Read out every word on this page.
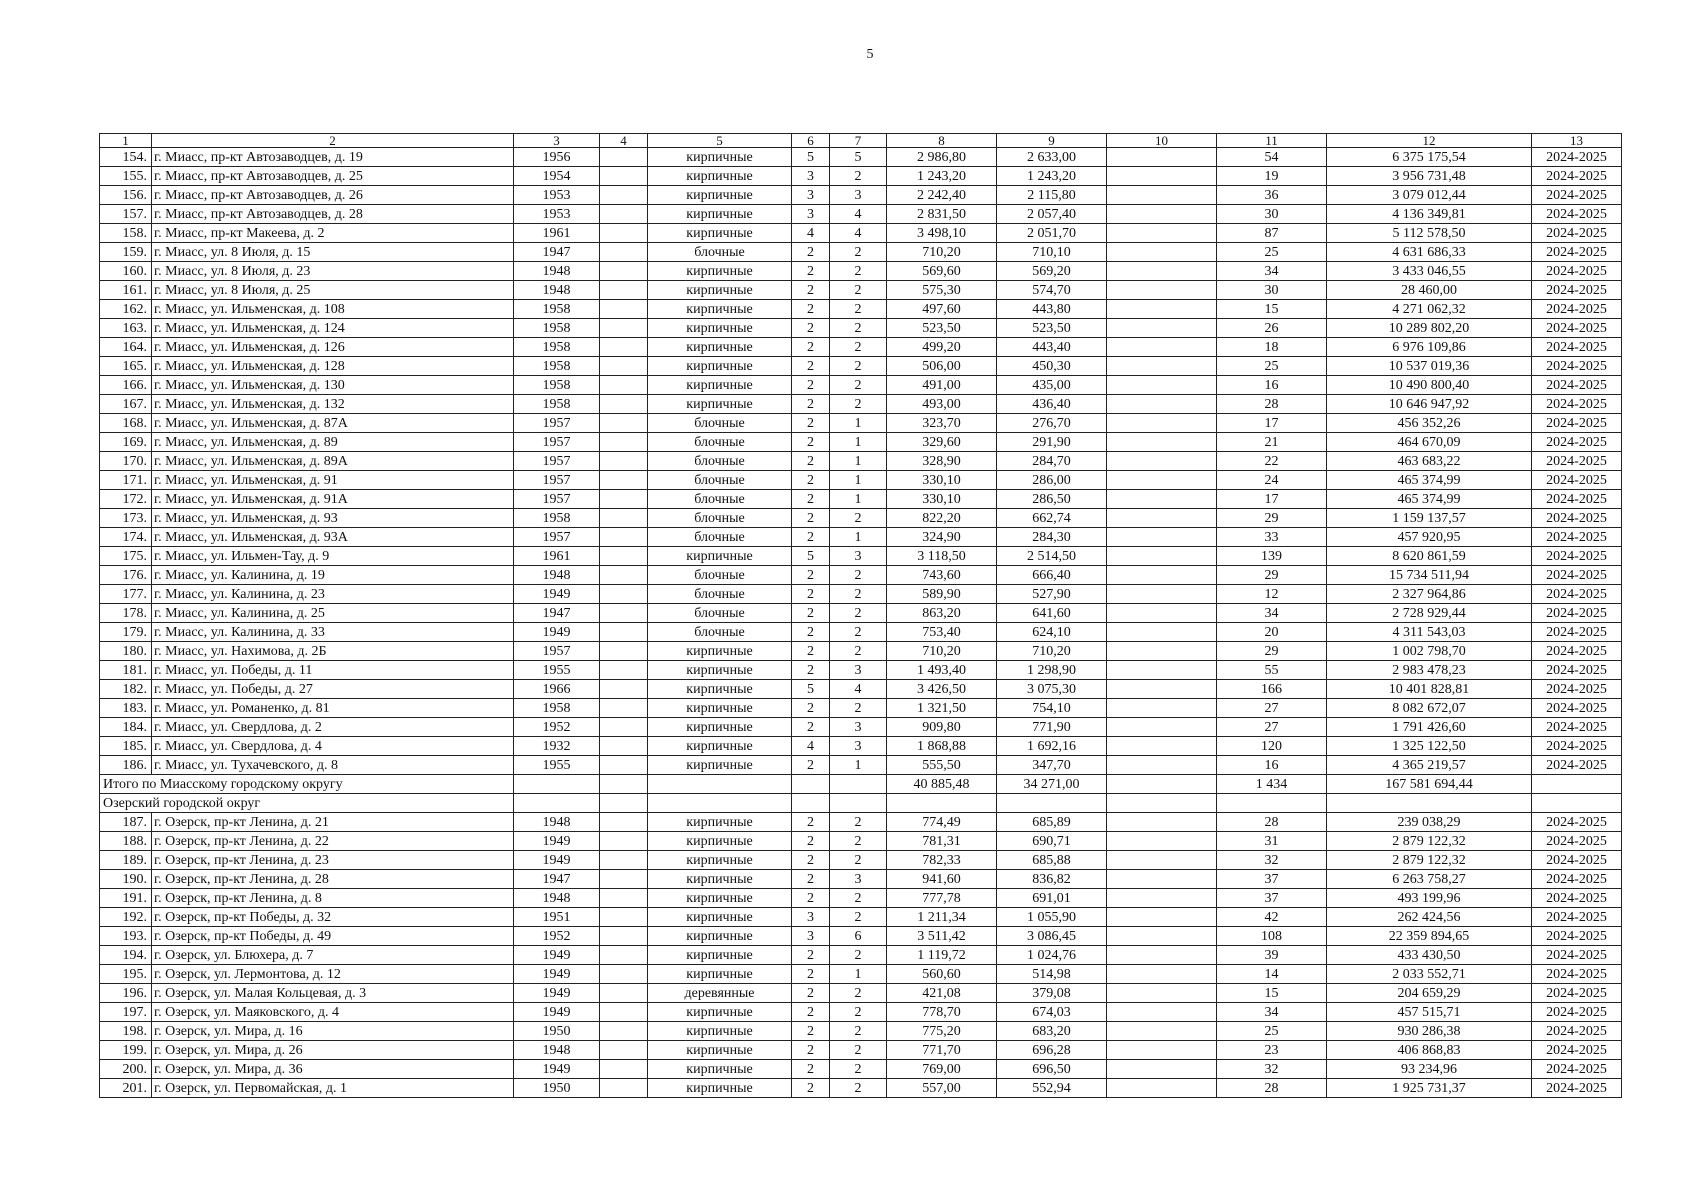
5
1	2	3	4	5	6	7	8	9	10	11	12	13
154.	г. Миасс, пр-кт Автозаводцев, д. 19	1956		кирпичные	5	5	2 986,80	2 633,00		54	6 375 175,54	2024-2025
155.	г. Миасс, пр-кт Автозаводцев, д. 25	1954		кирпичные	3	2	1 243,20	1 243,20		19	3 956 731,48	2024-2025
156.	г. Миасс, пр-кт Автозаводцев, д. 26	1953		кирпичные	3	3	2 242,40	2 115,80		36	3 079 012,44	2024-2025
157.	г. Миасс, пр-кт Автозаводцев, д. 28	1953		кирпичные	3	4	2 831,50	2 057,40		30	4 136 349,81	2024-2025
158.	г. Миасс, пр-кт Макеева, д. 2	1961		кирпичные	4	4	3 498,10	2 051,70		87	5 112 578,50	2024-2025
159.	г. Миасс, ул. 8 Июля, д. 15	1947		блочные	2	2	710,20	710,10		25	4 631 686,33	2024-2025
160.	г. Миасс, ул. 8 Июля, д. 23	1948		кирпичные	2	2	569,60	569,20		34	3 433 046,55	2024-2025
161.	г. Миасс, ул. 8 Июля, д. 25	1948		кирпичные	2	2	575,30	574,70		30	28 460,00	2024-2025
162.	г. Миасс, ул. Ильменская, д. 108	1958		кирпичные	2	2	497,60	443,80		15	4 271 062,32	2024-2025
163.	г. Миасс, ул. Ильменская, д. 124	1958		кирпичные	2	2	523,50	523,50		26	10 289 802,20	2024-2025
164.	г. Миасс, ул. Ильменская, д. 126	1958		кирпичные	2	2	499,20	443,40		18	6 976 109,86	2024-2025
165.	г. Миасс, ул. Ильменская, д. 128	1958		кирпичные	2	2	506,00	450,30		25	10 537 019,36	2024-2025
166.	г. Миасс, ул. Ильменская, д. 130	1958		кирпичные	2	2	491,00	435,00		16	10 490 800,40	2024-2025
167.	г. Миасс, ул. Ильменская, д. 132	1958		кирпичные	2	2	493,00	436,40		28	10 646 947,92	2024-2025
168.	г. Миасс, ул. Ильменская, д. 87А	1957		блочные	2	1	323,70	276,70		17	456 352,26	2024-2025
169.	г. Миасс, ул. Ильменская, д. 89	1957		блочные	2	1	329,60	291,90		21	464 670,09	2024-2025
170.	г. Миасс, ул. Ильменская, д. 89А	1957		блочные	2	1	328,90	284,70		22	463 683,22	2024-2025
171.	г. Миасс, ул. Ильменская, д. 91	1957		блочные	2	1	330,10	286,00		24	465 374,99	2024-2025
172.	г. Миасс, ул. Ильменская, д. 91А	1957		блочные	2	1	330,10	286,50		17	465 374,99	2024-2025
173.	г. Миасс, ул. Ильменская, д. 93	1958		блочные	2	2	822,20	662,74		29	1 159 137,57	2024-2025
174.	г. Миасс, ул. Ильменская, д. 93А	1957		блочные	2	1	324,90	284,30		33	457 920,95	2024-2025
175.	г. Миасс, ул. Ильмен-Тау, д. 9	1961		кирпичные	5	3	3 118,50	2 514,50		139	8 620 861,59	2024-2025
176.	г. Миасс, ул. Калинина, д. 19	1948		блочные	2	2	743,60	666,40		29	15 734 511,94	2024-2025
177.	г. Миасс, ул. Калинина, д. 23	1949		блочные	2	2	589,90	527,90		12	2 327 964,86	2024-2025
178.	г. Миасс, ул. Калинина, д. 25	1947		блочные	2	2	863,20	641,60		34	2 728 929,44	2024-2025
179.	г. Миасс, ул. Калинина, д. 33	1949		блочные	2	2	753,40	624,10		20	4 311 543,03	2024-2025
180.	г. Миасс, ул. Нахимова, д. 2Б	1957		кирпичные	2	2	710,20	710,20		29	1 002 798,70	2024-2025
181.	г. Миасс, ул. Победы, д. 11	1955		кирпичные	2	3	1 493,40	1 298,90		55	2 983 478,23	2024-2025
182.	г. Миасс, ул. Победы, д. 27	1966		кирпичные	5	4	3 426,50	3 075,30		166	10 401 828,81	2024-2025
183.	г. Миасс, ул. Романенко, д. 81	1958		кирпичные	2	2	1 321,50	754,10		27	8 082 672,07	2024-2025
184.	г. Миасс, ул. Свердлова, д. 2	1952		кирпичные	2	3	909,80	771,90		27	1 791 426,60	2024-2025
185.	г. Миасс, ул. Свердлова, д. 4	1932		кирпичные	4	3	1 868,88	1 692,16		120	1 325 122,50	2024-2025
186.	г. Миасс, ул. Тухачевского, д. 8	1955		кирпичные	2	1	555,50	347,70		16	4 365 219,57	2024-2025
Итого по Миасскому городскому округу							40 885,48	34 271,00		1 434	167 581 694,44	
Озерский городской округ												
187.	г. Озерск, пр-кт Ленина, д. 21	1948		кирпичные	2	2	774,49	685,89		28	239 038,29	2024-2025
188.	г. Озерск, пр-кт Ленина, д. 22	1949		кирпичные	2	2	781,31	690,71		31	2 879 122,32	2024-2025
189.	г. Озерск, пр-кт Ленина, д. 23	1949		кирпичные	2	2	782,33	685,88		32	2 879 122,32	2024-2025
190.	г. Озерск, пр-кт Ленина, д. 28	1947		кирпичные	2	3	941,60	836,82		37	6 263 758,27	2024-2025
191.	г. Озерск, пр-кт Ленина, д. 8	1948		кирпичные	2	2	777,78	691,01		37	493 199,96	2024-2025
192.	г. Озерск, пр-кт Победы, д. 32	1951		кирпичные	3	2	1 211,34	1 055,90		42	262 424,56	2024-2025
193.	г. Озерск, пр-кт Победы, д. 49	1952		кирпичные	3	6	3 511,42	3 086,45		108	22 359 894,65	2024-2025
194.	г. Озерск, ул. Блюхера, д. 7	1949		кирпичные	2	2	1 119,72	1 024,76		39	433 430,50	2024-2025
195.	г. Озерск, ул. Лермонтова, д. 12	1949		кирпичные	2	1	560,60	514,98		14	2 033 552,71	2024-2025
196.	г. Озерск, ул. Малая Кольцевая, д. 3	1949		деревянные	2	2	421,08	379,08		15	204 659,29	2024-2025
197.	г. Озерск, ул. Маяковского, д. 4	1949		кирпичные	2	2	778,70	674,03		34	457 515,71	2024-2025
198.	г. Озерск, ул. Мира, д. 16	1950		кирпичные	2	2	775,20	683,20		25	930 286,38	2024-2025
199.	г. Озерск, ул. Мира, д. 26	1948		кирпичные	2	2	771,70	696,28		23	406 868,83	2024-2025
200.	г. Озерск, ул. Мира, д. 36	1949		кирпичные	2	2	769,00	696,50		32	93 234,96	2024-2025
201.	г. Озерск, ул. Первомайская, д. 1	1950		кирпичные	2	2	557,00	552,94		28	1 925 731,37	2024-2025
